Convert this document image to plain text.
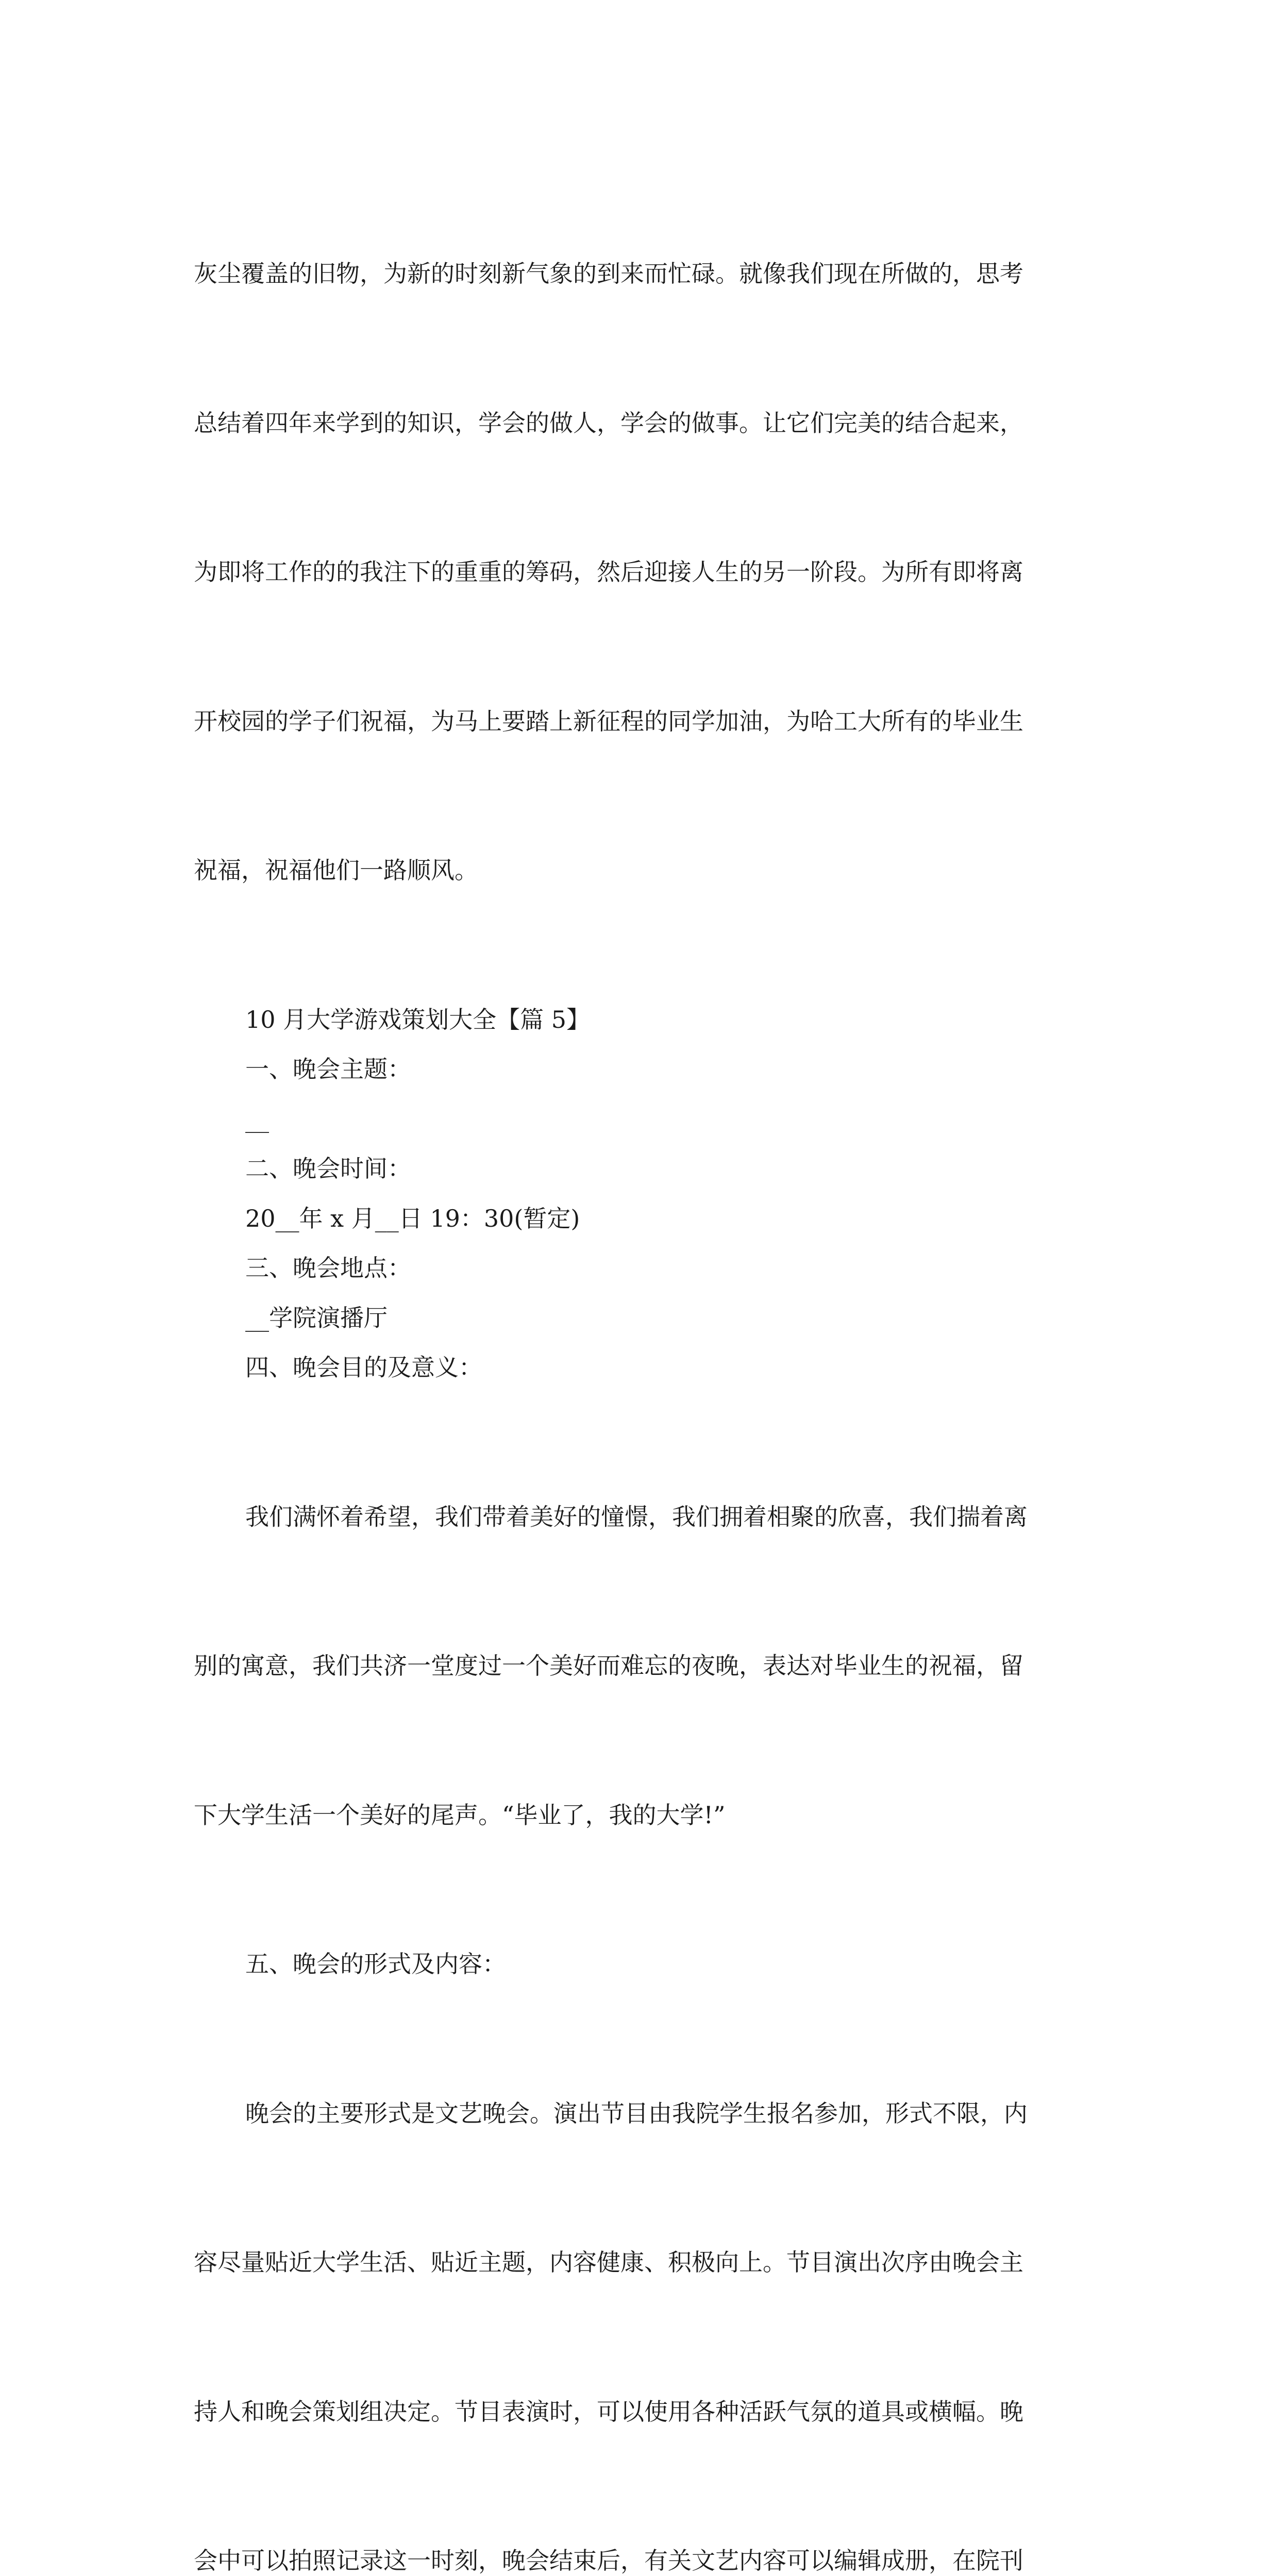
灰尘覆盖的旧物，为新的时刻新气象的到来而忙碌。就像我们现在所做的，思考

总结着四年来学到的知识，学会的做人，学会的做事。让它们完美的结合起来，

为即将工作的的我注下的重重的筹码，然后迎接人生的另一阶段。为所有即将离

开校园的学子们祝福，为马上要踏上新征程的同学加油，为哈工大所有的毕业生

祝福，祝福他们一路顺风。

10 月大学游戏策划大全【篇 5】

一、晚会主题：

__

二、晚会时间：

20__年 x 月__日 19：30(暂定)

三、晚会地点：

__学院演播厅

四、晚会目的及意义：

我们满怀着希望，我们带着美好的憧憬，我们拥着相聚的欣喜，我们揣着离

别的寓意，我们共济一堂度过一个美好而难忘的夜晚，表达对毕业生的祝福，留

下大学生活一个美好的尾声。“毕业了，我的大学!”

五、晚会的形式及内容：

晚会的主要形式是文艺晚会。演出节目由我院学生报名参加，形式不限，内

容尽量贴近大学生活、贴近主题，内容健康、积极向上。节目演出次序由晚会主

持人和晚会策划组决定。节目表演时，可以使用各种活跃气氛的道具或横幅。晚

会中可以拍照记录这一时刻，晚会结束后，有关文艺内容可以编辑成册，在院刊
